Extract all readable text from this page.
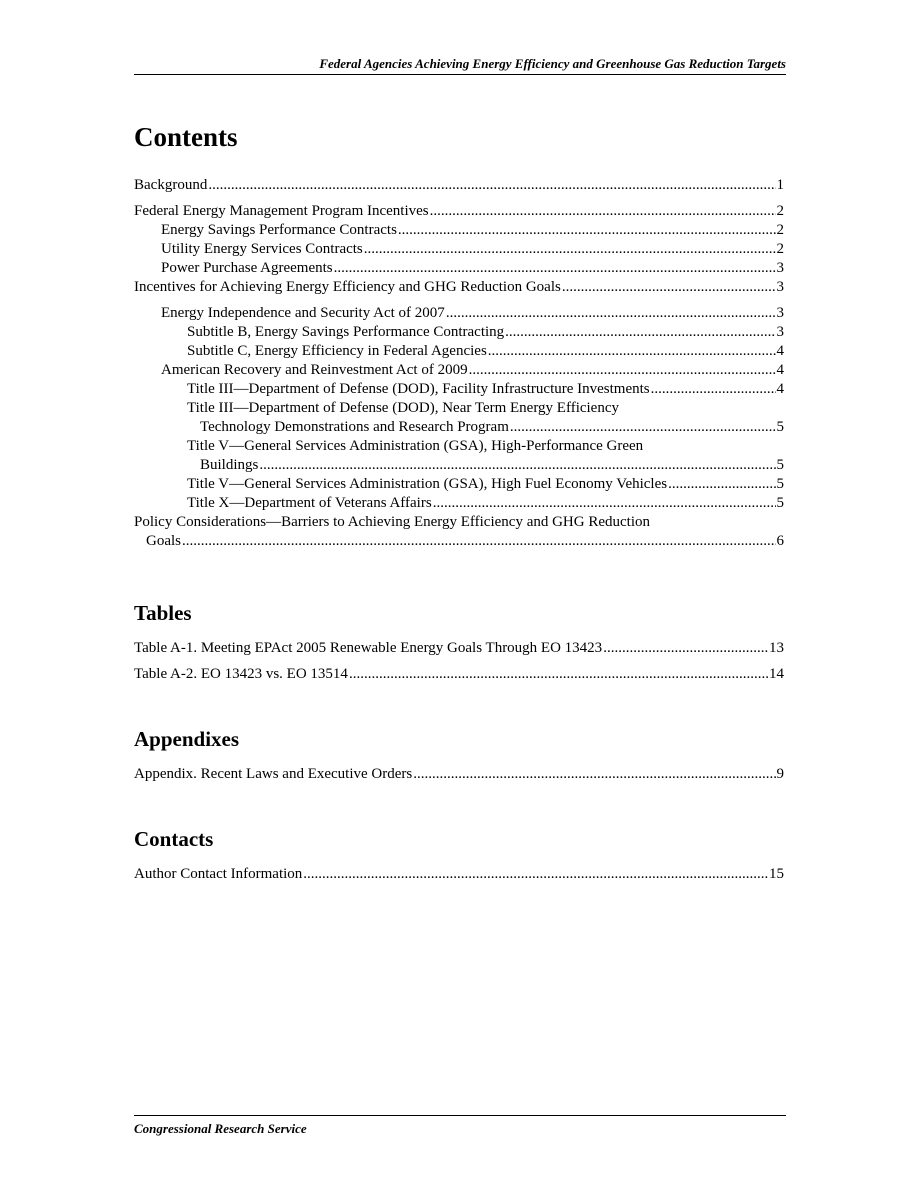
Federal Agencies Achieving Energy Efficiency and Greenhouse Gas Reduction Targets
Contents
Background .....	1
Federal Energy Management Program Incentives .....	2
Energy Savings Performance Contracts .....	2
Utility Energy Services Contracts .....	2
Power Purchase Agreements .....	3
Incentives for Achieving Energy Efficiency and GHG Reduction Goals .....	3
Energy Independence and Security Act of 2007 .....	3
Subtitle B, Energy Savings Performance Contracting .....	3
Subtitle C, Energy Efficiency in Federal Agencies .....	4
American Recovery and Reinvestment Act of 2009 .....	4
Title III—Department of Defense (DOD), Facility Infrastructure Investments .....	4
Title III—Department of Defense (DOD), Near Term Energy Efficiency
Technology Demonstrations and Research Program .....	5
Title V—General Services Administration (GSA), High-Performance Green
Buildings .....	5
Title V—General Services Administration (GSA), High Fuel Economy Vehicles .....	5
Title X—Department of Veterans Affairs .....	5
Policy Considerations—Barriers to Achieving Energy Efficiency and GHG Reduction
Goals .....	6
Tables
Table A-1. Meeting EPAct 2005 Renewable Energy Goals Through EO 13423 .....	13
Table A-2. EO 13423 vs. EO 13514 .....	14
Appendixes
Appendix. Recent Laws and Executive Orders .....	9
Contacts
Author Contact Information .....	15
Congressional Research Service
